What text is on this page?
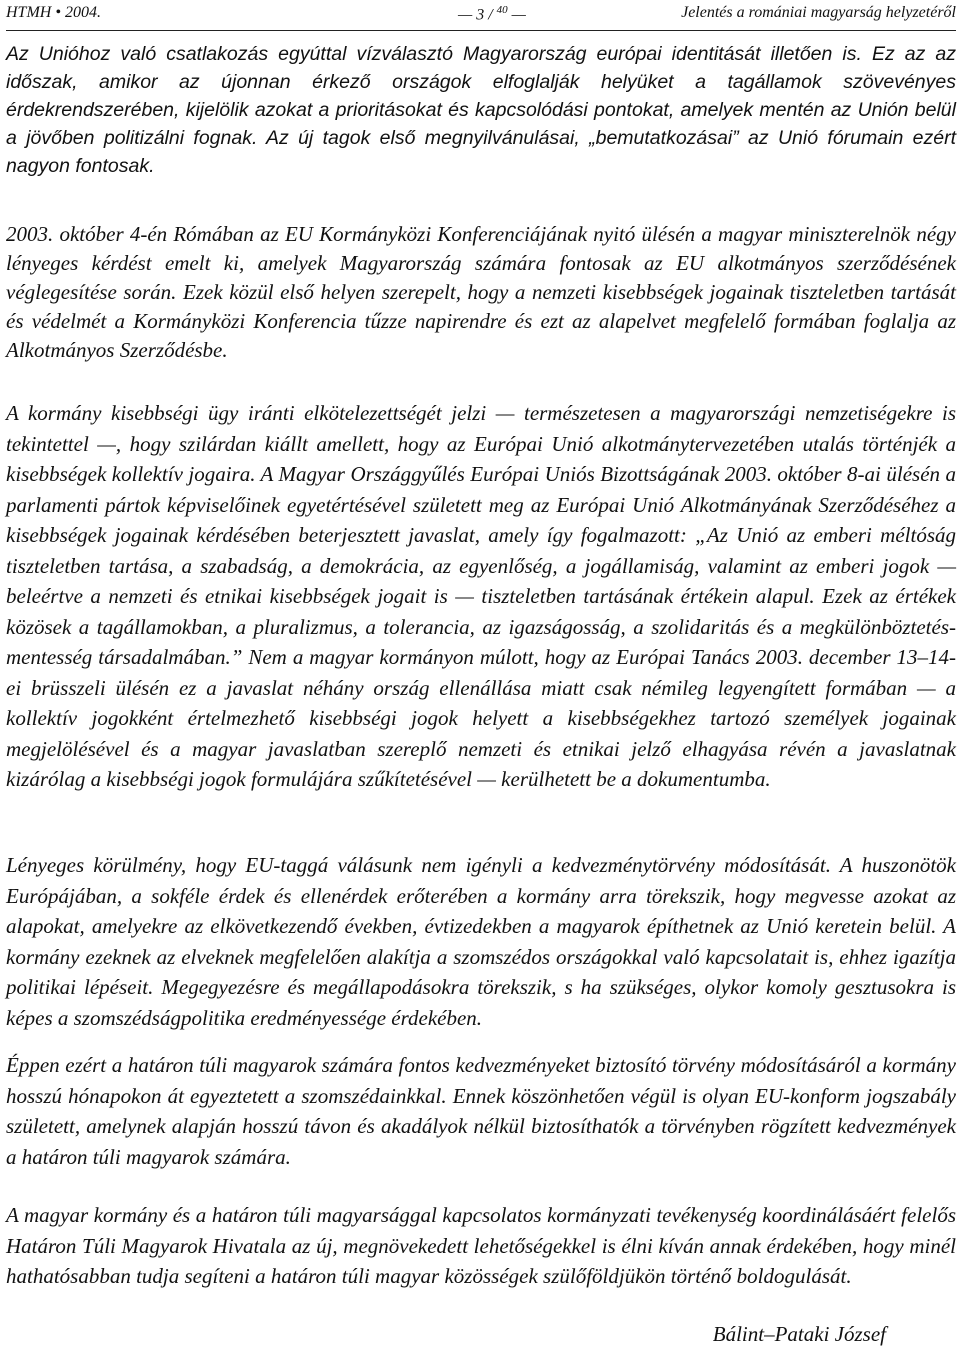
HTMH • 2004.	— 3 / $^{40}$ —	Jelentés a romániai magyarság helyzetéről

Az Unióhoz való csatlakozás egyúttal vízválasztó Magyarország európai identitását illetően is. Ez az az időszak, amikor az újonnan érkező országok elfoglalják helyüket a tagállamok szövevényes érdekrendszerében, kijelölik azokat a prioritásokat és kapcsolódási pontokat, amelyek mentén az Unión belül a jövőben politizálni fognak. Az új tagok első megnyilvánulásai, „bemutatkozásai” az Unió fórumain ezért nagyon fontosak.

2003. október 4-én Rómában az EU Kormányközi Konferenciájának nyitó ülésén a magyar miniszterelnök négy lényeges kérdést emelt ki, amelyek Magyarország számára fontosak az EU alkotmányos szerződésének véglegesítése során. Ezek közül első helyen szerepelt, hogy a nemzeti kisebbségek jogainak tiszteletben tartását és védelmét a Kormányközi Konferencia tűzze napirendre és ezt az alapelvet megfelelő formában foglalja az Alkotmányos Szerződésbe.

A kormány kisebbségi ügy iránti elkötelezettségét jelzi — természetesen a magyarországi nemzetiségekre is tekintettel —, hogy szilárdan kiállt amellett, hogy az Európai Unió alkotmánytervezetében utalás történjék a kisebbségek kollektív jogaira. A Magyar Országgyűlés Európai Uniós Bizottságának 2003. október 8-ai ülésén a parlamenti pártok képviselőinek egyetértésével született meg az Európai Unió Alkotmányának Szerződéséhez a kisebbségek jogainak kérdésében beterjesztett javaslat, amely így fogalmazott: „Az Unió az emberi méltóság tiszteletben tartása, a szabadság, a demokrácia, az egyenlőség, a jogállamiság, valamint az emberi jogok — beleértve a nemzeti és etnikai kisebbségek jogait is — tiszteletben tartásának értékein alapul. Ezek az értékek közösek a tagállamokban, a pluralizmus, a tolerancia, az igazságosság, a szolidaritás és a megkülönböztetés-mentesség társadalmában.” Nem a magyar kormányon múlott, hogy az Európai Tanács 2003. december 13–14-ei brüsszeli ülésén ez a javaslat néhány ország ellenállása miatt csak némileg legyengített formában — a kollektív jogokként értelmezhető kisebbségi jogok helyett a kisebbségekhez tartozó személyek jogainak megjelölésével és a magyar javaslatban szereplő nemzeti és etnikai jelző elhagyása révén a javaslatnak kizárólag a kisebbségi jogok formulájára szűkítetésével — kerülhetett be a dokumentumba.

Lényeges körülmény, hogy EU-taggá válásunk nem igényli a kedvezménytörvény módosítását. A huszonötök Európájában, a sokféle érdek és ellenérdek erőterében a kormány arra törekszik, hogy megvesse azokat az alapokat, amelyekre az elkövetkezendő években, évtizedekben a magyarok építhetnek az Unió keretein belül. A kormány ezeknek az elveknek megfelelően alakítja a szomszédos országokkal való kapcsolatait is, ehhez igazítja politikai lépéseit. Megegyezésre és megállapodásokra törekszik, s ha szükséges, olykor komoly gesztusokra is képes a szomszédságpolitika eredményessége érdekében.

Éppen ezért a határon túli magyarok számára fontos kedvezményeket biztosító törvény módosításáról a kormány hosszú hónapokon át egyeztetett a szomszédainkkal. Ennek köszönhetően végül is olyan EU-konform jogszabály született, amelynek alapján hosszú távon és akadályok nélkül biztosíthatók a törvényben rögzített kedvezmények a határon túli magyarok számára.

A magyar kormány és a határon túli magyarsággal kapcsolatos kormányzati tevékenység koordinálásáért felelős Határon Túli Magyarok Hivatala az új, megnövekedett lehetőségekkel is élni kíván annak érdekében, hogy minél hathatósabban tudja segíteni a határon túli magyar közösségek szülőföldjükön történő boldogulását.

Bálint–Pataki József
